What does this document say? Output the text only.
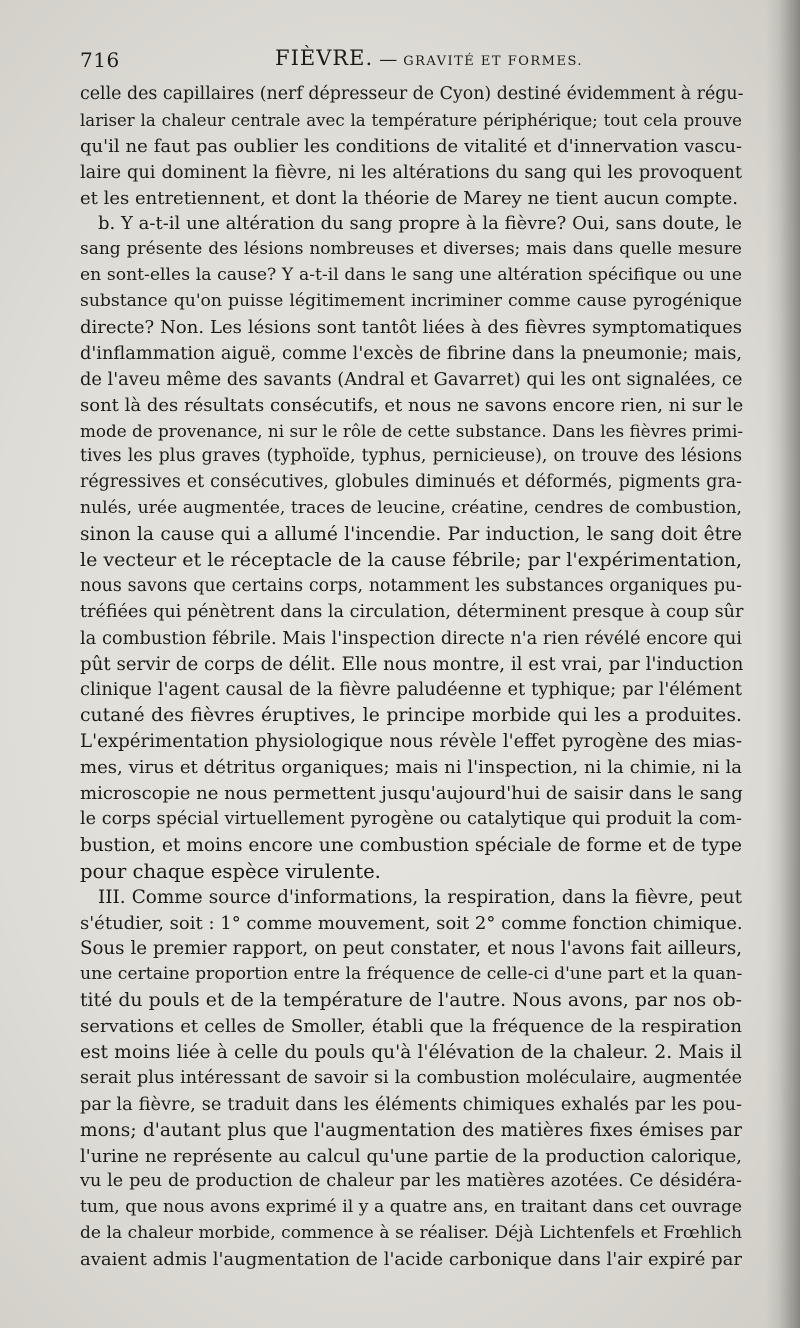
716	FIÈVRE. — GRAVITÉ ET FORMES.
celle des capillaires (nerf dépresseur de Cyon) destiné évidemment à régu-
lariser la chaleur centrale avec la température périphérique; tout cela prouve
qu'il ne faut pas oublier les conditions de vitalité et d'innervation vascu-
laire qui dominent la fièvre, ni les altérations du sang qui les provoquent
et les entretiennent, et dont la théorie de Marey ne tient aucun compte.
b. Y a-t-il une altération du sang propre à la fièvre? Oui, sans doute, le
sang présente des lésions nombreuses et diverses; mais dans quelle mesure
en sont-elles la cause? Y a-t-il dans le sang une altération spécifique ou une
substance qu'on puisse légitimement incriminer comme cause pyrogénique
directe? Non. Les lésions sont tantôt liées à des fièvres symptomatiques
d'inflammation aiguë, comme l'excès de fibrine dans la pneumonie; mais,
de l'aveu même des savants (Andral et Gavarret) qui les ont signalées, ce
sont là des résultats consécutifs, et nous ne savons encore rien, ni sur le
mode de provenance, ni sur le rôle de cette substance. Dans les fièvres primi-
tives les plus graves (typhoïde, typhus, pernicieuse), on trouve des lésions
régressives et consécutives, globules diminués et déformés, pigments gra-
nulés, urée augmentée, traces de leucine, créatine, cendres de combustion,
sinon la cause qui a allumé l'incendie. Par induction, le sang doit être
le vecteur et le réceptacle de la cause fébrile; par l'expérimentation,
nous savons que certains corps, notamment les substances organiques pu-
tréfiées qui pénètrent dans la circulation, déterminent presque à coup sûr
la combustion fébrile. Mais l'inspection directe n'a rien révélé encore qui
pût servir de corps de délit. Elle nous montre, il est vrai, par l'induction
clinique l'agent causal de la fièvre paludéenne et typhique; par l'élément
cutané des fièvres éruptives, le principe morbide qui les a produites.
L'expérimentation physiologique nous révèle l'effet pyrogène des mias-
mes, virus et détritus organiques; mais ni l'inspection, ni la chimie, ni la
microscopie ne nous permettent jusqu'aujourd'hui de saisir dans le sang
le corps spécial virtuellement pyrogène ou catalytique qui produit la com-
bustion, et moins encore une combustion spéciale de forme et de type
pour chaque espèce virulente.
III. Comme source d'informations, la respiration, dans la fièvre, peut
s'étudier, soit : 1° comme mouvement, soit 2° comme fonction chimique.
Sous le premier rapport, on peut constater, et nous l'avons fait ailleurs,
une certaine proportion entre la fréquence de celle-ci d'une part et la quan-
tité du pouls et de la température de l'autre. Nous avons, par nos ob-
servations et celles de Smoller, établi que la fréquence de la respiration
est moins liée à celle du pouls qu'à l'élévation de la chaleur. 2. Mais il
serait plus intéressant de savoir si la combustion moléculaire, augmentée
par la fièvre, se traduit dans les éléments chimiques exhalés par les pou-
mons; d'autant plus que l'augmentation des matières fixes émises par
l'urine ne représente au calcul qu'une partie de la production calorique,
vu le peu de production de chaleur par les matières azotées. Ce désidéra-
tum, que nous avons exprimé il y a quatre ans, en traitant dans cet ouvrage
de la chaleur morbide, commence à se réaliser. Déjà Lichtenfels et Frœhlich
avaient admis l'augmentation de l'acide carbonique dans l'air expiré par
